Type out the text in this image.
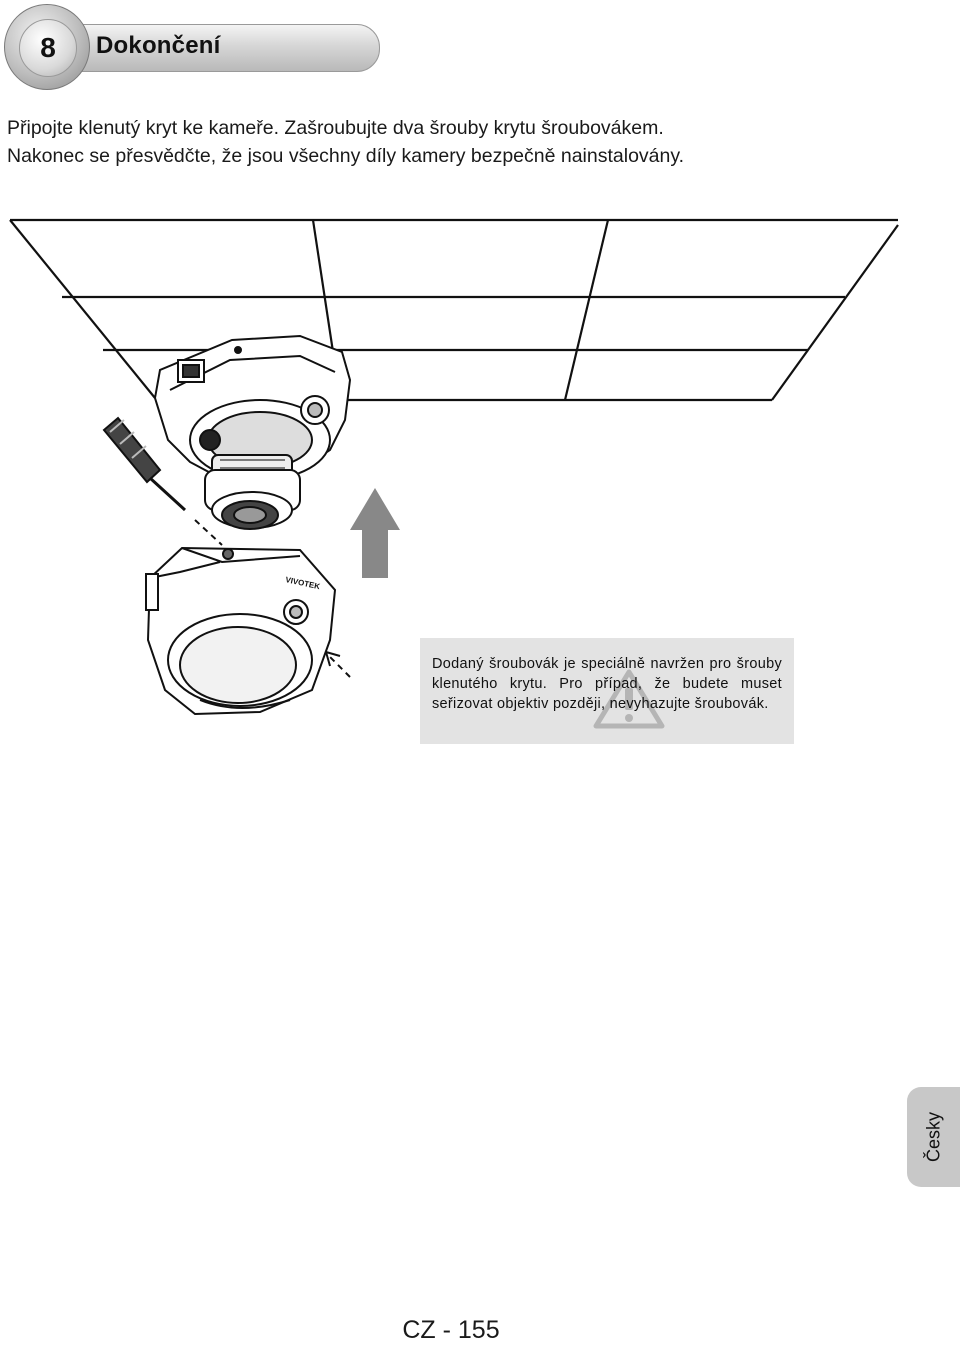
Dokončení
8

Připojte klenutý kryt ke kameře. Zašroubujte dva šrouby krytu šroubovákem.

Nakonec se přesvědčte, že jsou všechny díly kamery bezpečně nainstalovány.

VIVOTEK
Dodaný šroubovák je speciálně navržen pro šrouby klenutého krytu. Pro případ, že budete muset seřizovat objektiv později, nevyhazujte šroubovák.
Česky
CZ - 155
